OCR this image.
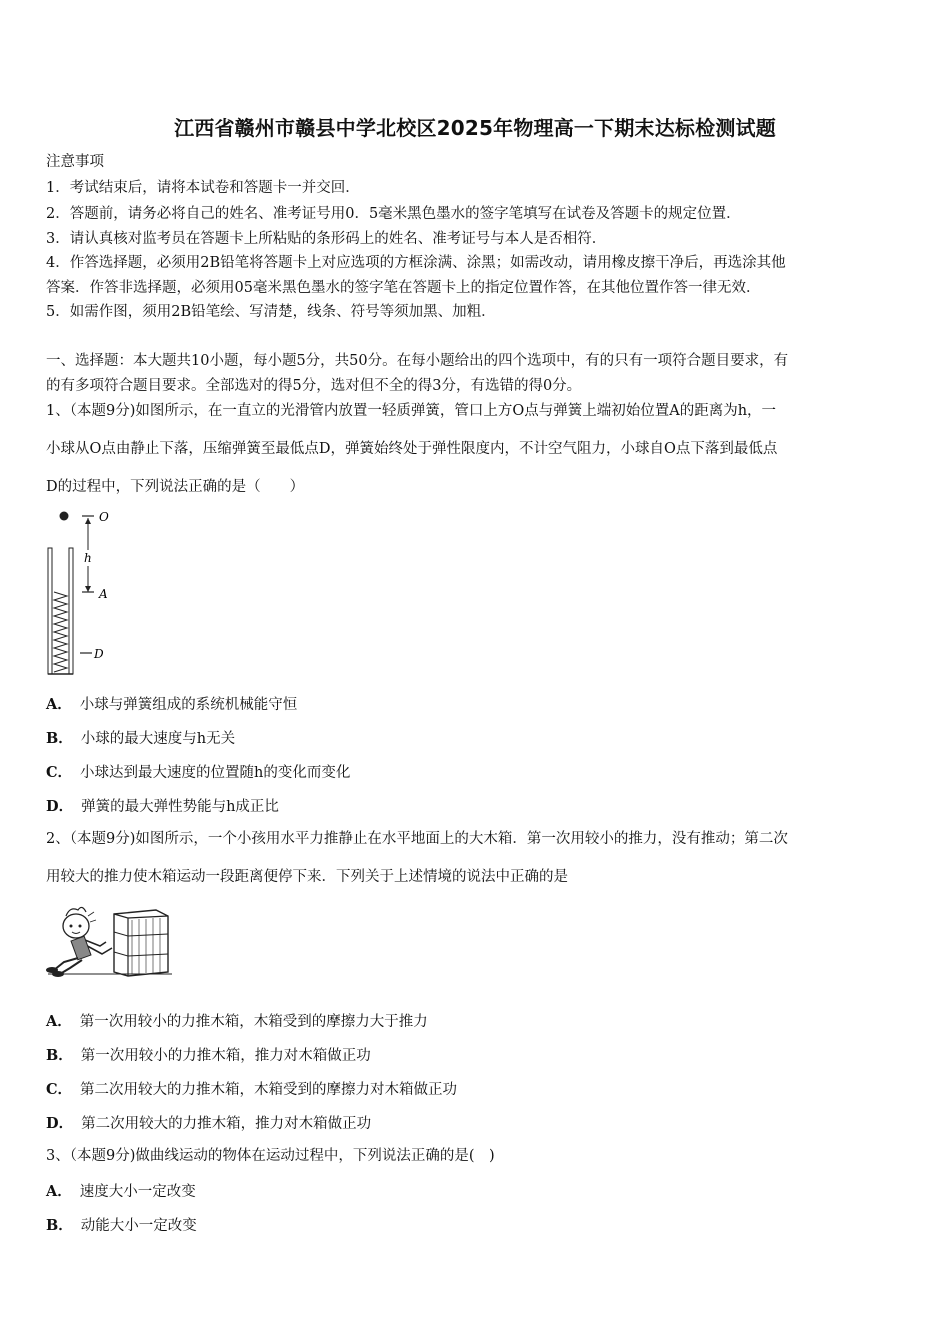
江西省赣州市赣县中学北校区2025年物理高一下期末达标检测试题
注意事项
1．考试结束后，请将本试卷和答题卡一并交回．
2．答题前，请务必将自己的姓名、准考证号用0．5毫米黑色墨水的签字笔填写在试卷及答题卡的规定位置．
3．请认真核对监考员在答题卡上所粘贴的条形码上的姓名、准考证号与本人是否相符．
4．作答选择题，必须用2B铅笔将答题卡上对应选项的方框涂满、涂黑；如需改动，请用橡皮擦干净后，再选涂其他
答案．作答非选择题，必须用05毫米黑色墨水的签字笔在答题卡上的指定位置作答，在其他位置作答一律无效．
5．如需作图，须用2B铅笔绘、写清楚，线条、符号等须加黑、加粗．
一、选择题：本大题共10小题，每小题5分，共50分。在每小题给出的四个选项中，有的只有一项符合题目要求，有
的有多项符合题目要求。全部选对的得5分，选对但不全的得3分，有选错的得0分。
1、（本题9分)如图所示，在一直立的光滑管内放置一轻质弹簧，管口上方O点与弹簧上端初始位置A的距离为h，一
小球从O点由静止下落，压缩弹簧至最低点D，弹簧始终处于弹性限度内，不计空气阻力，小球自O点下落到最低点
D的过程中，下列说法正确的是（　　）
O
h
A
D
A． 小球与弹簧组成的系统机械能守恒
B． 小球的最大速度与h无关
C． 小球达到最大速度的位置随h的变化而变化
D． 弹簧的最大弹性势能与h成正比
2、（本题9分)如图所示，一个小孩用水平力推静止在水平地面上的大木箱．第一次用较小的推力，没有推动；第二次
用较大的推力使木箱运动一段距离便停下来．下列关于上述情境的说法中正确的是
A． 第一次用较小的力推木箱，木箱受到的摩擦力大于推力
B． 第一次用较小的力推木箱，推力对木箱做正功
C． 第二次用较大的力推木箱，木箱受到的摩擦力对木箱做正功
D． 第二次用较大的力推木箱，推力对木箱做正功
3、（本题9分)做曲线运动的物体在运动过程中，下列说法正确的是(　)
A． 速度大小一定改变
B． 动能大小一定改变
